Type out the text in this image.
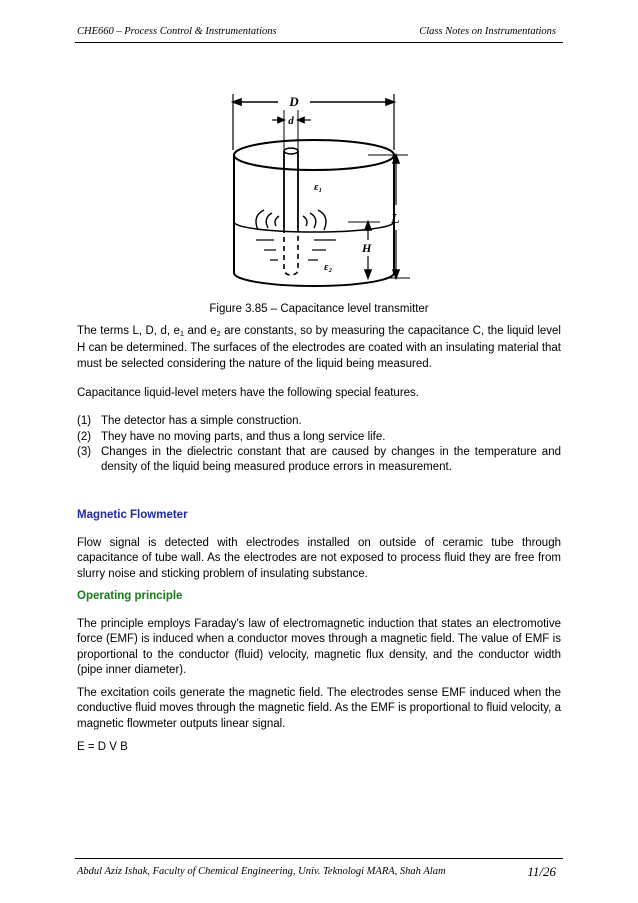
CHE660 – Process Control & Instrumentations	Class Notes on Instrumentations
D
d
ε₁
ε₂
L
H
Figure 3.85 – Capacitance level transmitter
The terms L, D, d, $e_1$ and $e_2$ are constants, so by measuring the capacitance C, the liquid level H can be determined. The surfaces of the electrodes are coated with an insulating material that must be selected considering the nature of the liquid being measured.
Capacitance liquid-level meters have the following special features.
(1) The detector has a simple construction.
(2) They have no moving parts, and thus a long service life.
(3) Changes in the dielectric constant that are caused by changes in the temperature and density of the liquid being measured produce errors in measurement.
Magnetic Flowmeter
Flow signal is detected with electrodes installed on outside of ceramic tube through capacitance of tube wall. As the electrodes are not exposed to process fluid they are free from slurry noise and sticking problem of insulating substance.
Operating principle
The principle employs Faraday's law of electromagnetic induction that states an electromotive force (EMF) is induced when a conductor moves through a magnetic field. The value of EMF is proportional to the conductor (fluid) velocity, magnetic flux density, and the conductor width (pipe inner diameter).
The excitation coils generate the magnetic field. The electrodes sense EMF induced when the conductive fluid moves through the magnetic field. As the EMF is proportional to fluid velocity, a magnetic flowmeter outputs linear signal.
E = D V B
Abdul Aziz Ishak, Faculty of Chemical Engineering, Univ. Teknologi MARA, Shah Alam	11/26
